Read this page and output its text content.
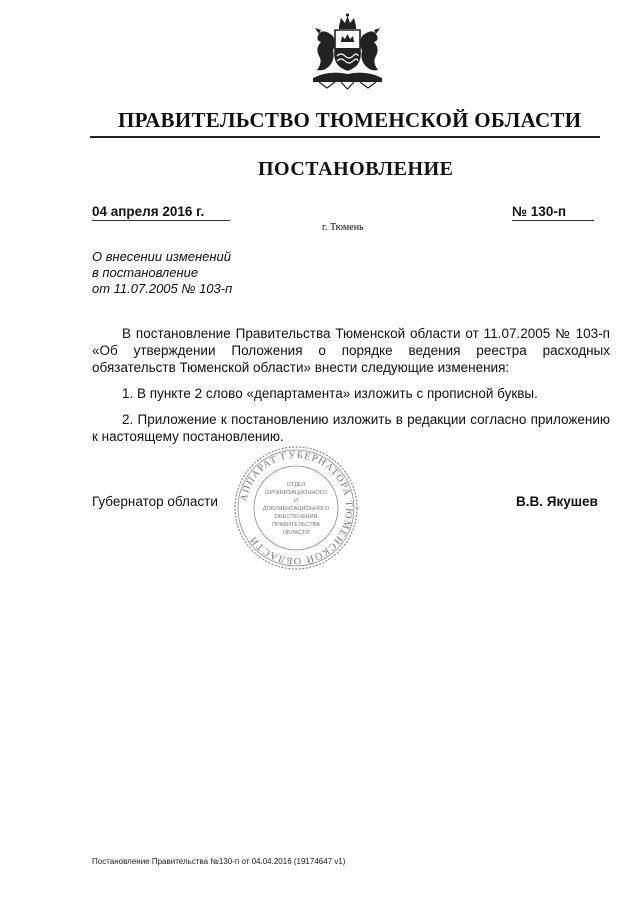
ПРАВИТЕЛЬСТВО ТЮМЕНСКОЙ ОБЛАСТИ
ПОСТАНОВЛЕНИЕ
04 апреля 2016 г.	№ 130-п
г. Тюмень
О внесении изменений
в постановление
от 11.07.2005 № 103-п

В постановление Правительства Тюменской области от 11.07.2005 № 103-п «Об утверждении Положения о порядке ведения реестра расходных обязательств Тюменской области» внести следующие изменения:

1. В пункте 2 слово «департамента» изложить с прописной буквы.

2. Приложение к постановлению изложить в редакции согласно приложению к настоящему постановлению.

Губернатор области	В.В. Якушев
АППАРАТ ГУБЕРНАТОРА ТЮМЕНСКОЙ ОБЛАСТИ
ОТДЕЛ
ОРГАНИЗАЦИОННОГО
И
ДОКУМЕНТАЦИОННОГО
ОБЕСПЕЧЕНИЯ
ПРАВИТЕЛЬСТВА
ОБЛАСТИ
Постановление Правительства №130-п от 04.04.2016 (19174647 v1)
